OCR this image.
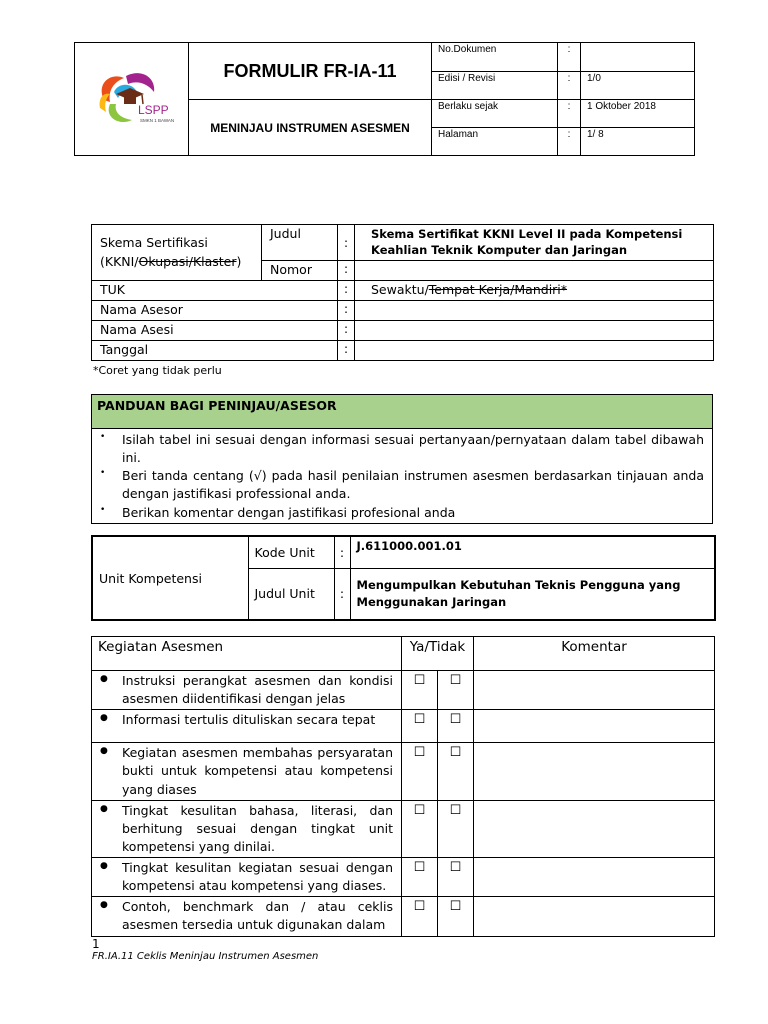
LSPP
SMKN 1 BAWANG	FORMULIR FR-IA-11	No.Dokumen	:	
		Edisi / Revisi	:	1/0
	MENINJAU INSTRUMEN ASESMEN	Berlaku sejak	:	1 Oktober 2018
		Halaman	:	1/ 8
Skema Sertifikasi
(KKNI/Okupasi/Klaster)	Judul	:	Skema Sertifikat KKNI Level II pada Kompetensi Keahlian Teknik Komputer dan Jaringan
	Nomor	:	
TUK		:	Sewaktu/Tempat Kerja/Mandiri*
Nama Asesor		:	
Nama Asesi		:	
Tanggal		:	
*Coret yang tidak perlu
PANDUAN BAGI PENINJAU/ASESOR

• Isilah tabel ini sesuai dengan informasi sesuai pertanyaan/pernyataan dalam tabel dibawah ini.
• Beri tanda centang (√) pada hasil penilaian instrumen asesmen berdasarkan tinjauan anda dengan jastifikasi professional anda.
• Berikan komentar dengan jastifikasi profesional anda
Unit Kompetensi	Kode Unit	:	J.611000.001.01
	Judul Unit	:	Mengumpulkan Kebutuhan Teknis Pengguna yang Menggunakan Jaringan
Kegiatan Asesmen	Ya/Tidak		Komentar
● Instruksi perangkat asesmen dan kondisi asesmen diidentifikasi dengan jelas	☐	☐	
● Informasi tertulis dituliskan secara tepat	☐	☐	
● Kegiatan asesmen membahas persyaratan bukti untuk kompetensi atau kompetensi yang diases	☐	☐	
● Tingkat kesulitan bahasa, literasi, dan berhitung sesuai dengan tingkat unit kompetensi yang dinilai.	☐	☐	
● Tingkat kesulitan kegiatan sesuai dengan kompetensi atau kompetensi yang diases.	☐	☐	
● Contoh, benchmark dan / atau ceklis asesmen tersedia untuk digunakan dalam	☐	☐	
1
FR.IA.11 Ceklis Meninjau Instrumen Asesmen
